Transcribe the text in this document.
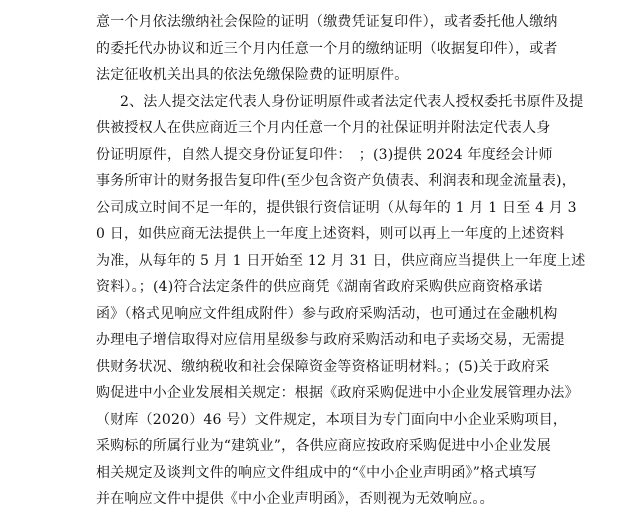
意一个月依法缴纳社会保险的证明（缴费凭证复印件），或者委托他人缴纳
的委托代办协议和近三个月内任意一个月的缴纳证明（收据复印件），或者
法定征收机关出具的依法免缴保险费的证明原件。
2、法人提交法定代表人身份证明原件或者法定代表人授权委托书原件及提
供被授权人在供应商近三个月内任意一个月的社保证明并附法定代表人身
份证明原件，自然人提交身份证复印件：　；(3)提供 2024 年度经会计师
事务所审计的财务报告复印件(至少包含资产负债表、利润表和现金流量表)，
公司成立时间不足一年的，提供银行资信证明（从每年的 1 月 1 日至 4 月 3
0 日，如供应商无法提供上一年度上述资料，则可以再上一年度的上述资料
为准，从每年的 5 月 1 日开始至 12 月 31 日，供应商应当提供上一年度上述
资料）。；(4)符合法定条件的供应商凭《湖南省政府采购供应商资格承诺
函》（格式见响应文件组成附件）参与政府采购活动，也可通过在金融机构
办理电子增信取得对应信用星级参与政府采购活动和电子卖场交易，无需提
供财务状况、缴纳税收和社会保障资金等资格证明材料。；(5)关于政府采
购促进中小企业发展相关规定：根据《政府采购促进中小企业发展管理办法》
（财库（2020）46 号）文件规定，本项目为专门面向中小企业采购项目，
采购标的所属行业为“建筑业”，各供应商应按政府采购促进中小企业发展
相关规定及谈判文件的响应文件组成中的“《中小企业声明函》”格式填写
并在响应文件中提供《中小企业声明函》，否则视为无效响应。。
